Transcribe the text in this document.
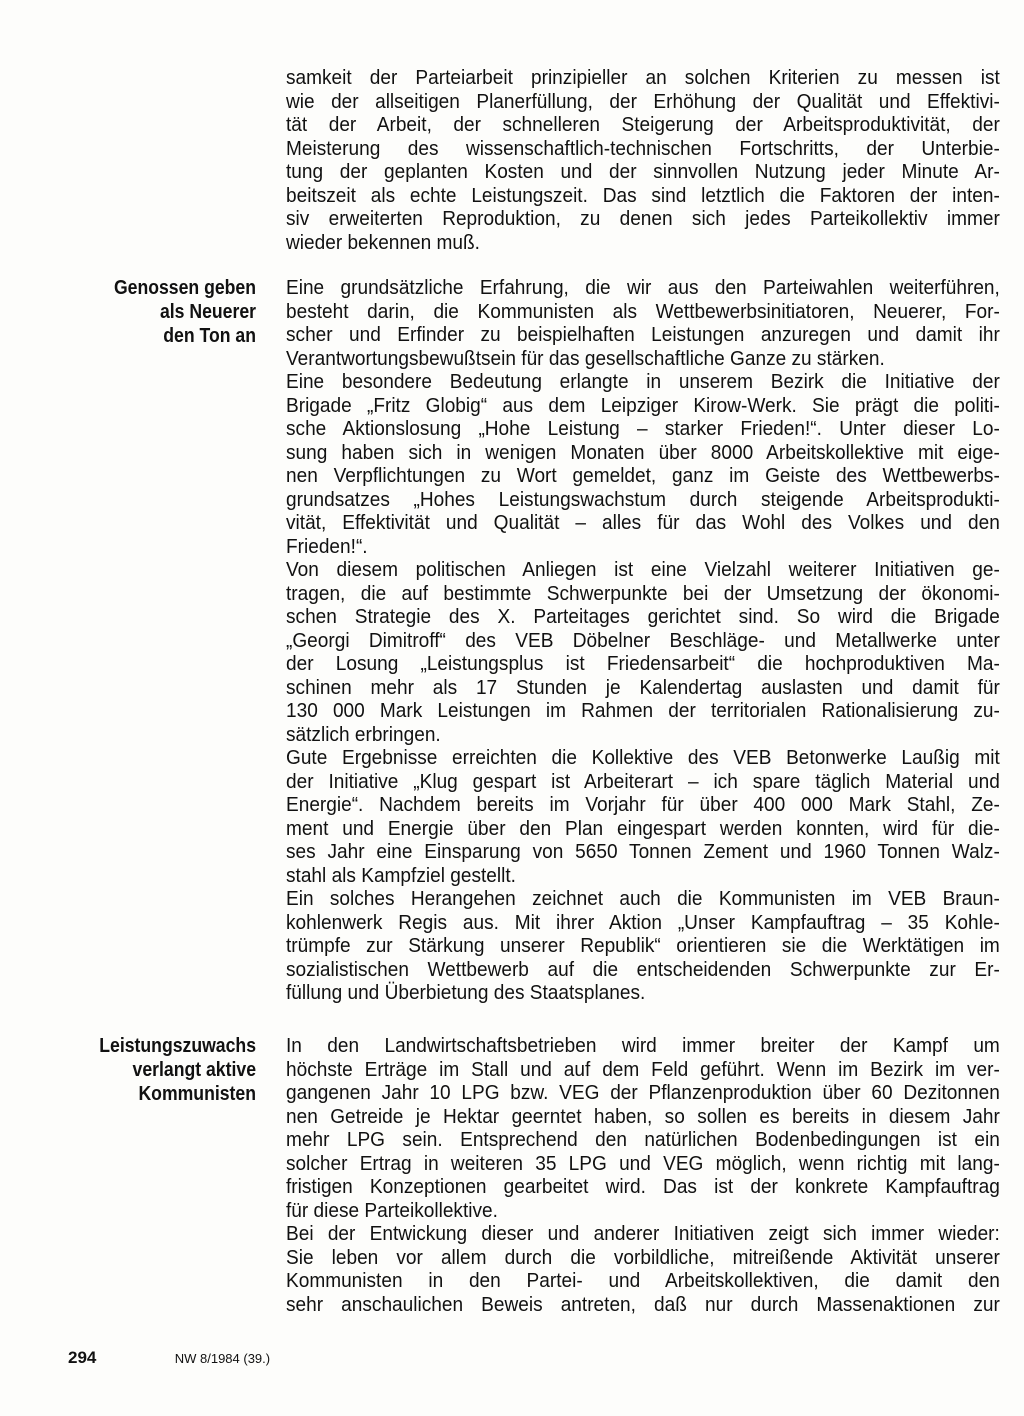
samkeit der Parteiarbeit prinzipieller an solchen Kriterien zu messen ist
wie der allseitigen Planerfüllung, der Erhöhung der Qualität und Effektivi-
tät der Arbeit, der schnelleren Steigerung der Arbeitsproduktivität, der
Meisterung des wissenschaftlich-technischen Fortschritts, der Unterbie-
tung der geplanten Kosten und der sinnvollen Nutzung jeder Minute Ar-
beitszeit als echte Leistungszeit. Das sind letztlich die Faktoren der inten-
siv erweiterten Reproduktion, zu denen sich jedes Parteikollektiv immer
wieder bekennen muß.
Genossen geben
als Neuerer
den Ton an
Eine grundsätzliche Erfahrung, die wir aus den Parteiwahlen weiterführen,
besteht darin, die Kommunisten als Wettbewerbsinitiatoren, Neuerer, For-
scher und Erfinder zu beispielhaften Leistungen anzuregen und damit ihr
Verantwortungsbewußtsein für das gesellschaftliche Ganze zu stärken.
Eine besondere Bedeutung erlangte in unserem Bezirk die Initiative der
Brigade „Fritz Globig“ aus dem Leipziger Kirow-Werk. Sie prägt die politi-
sche Aktionslosung „Hohe Leistung – starker Frieden!“. Unter dieser Lo-
sung haben sich in wenigen Monaten über 8000 Arbeitskollektive mit eige-
nen Verpflichtungen zu Wort gemeldet, ganz im Geiste des Wettbewerbs-
grundsatzes „Hohes Leistungswachstum durch steigende Arbeitsprodukti-
vität, Effektivität und Qualität – alles für das Wohl des Volkes und den
Frieden!“.
Von diesem politischen Anliegen ist eine Vielzahl weiterer Initiativen ge-
tragen, die auf bestimmte Schwerpunkte bei der Umsetzung der ökonomi-
schen Strategie des X. Parteitages gerichtet sind. So wird die Brigade
„Georgi Dimitroff“ des VEB Döbelner Beschläge- und Metallwerke unter
der Losung „Leistungsplus ist Friedensarbeit“ die hochproduktiven Ma-
schinen mehr als 17 Stunden je Kalendertag auslasten und damit für
130 000 Mark Leistungen im Rahmen der territorialen Rationalisierung zu-
sätzlich erbringen.
Gute Ergebnisse erreichten die Kollektive des VEB Betonwerke Laußig mit
der Initiative „Klug gespart ist Arbeiterart – ich spare täglich Material und
Energie“. Nachdem bereits im Vorjahr für über 400 000 Mark Stahl, Ze-
ment und Energie über den Plan eingespart werden konnten, wird für die-
ses Jahr eine Einsparung von 5650 Tonnen Zement und 1960 Tonnen Walz-
stahl als Kampfziel gestellt.
Ein solches Herangehen zeichnet auch die Kommunisten im VEB Braun-
kohlenwerk Regis aus. Mit ihrer Aktion „Unser Kampfauftrag – 35 Kohle-
trümpfe zur Stärkung unserer Republik“ orientieren sie die Werktätigen im
sozialistischen Wettbewerb auf die entscheidenden Schwerpunkte zur Er-
füllung und Überbietung des Staatsplanes.
Leistungszuwachs
verlangt aktive
Kommunisten
In den Landwirtschaftsbetrieben wird immer breiter der Kampf um
höchste Erträge im Stall und auf dem Feld geführt. Wenn im Bezirk im ver-
gangenen Jahr 10 LPG bzw. VEG der Pflanzenproduktion über 60 Dezitonnen
nen Getreide je Hektar geerntet haben, so sollen es bereits in diesem Jahr
mehr LPG sein. Entsprechend den natürlichen Bodenbedingungen ist ein
solcher Ertrag in weiteren 35 LPG und VEG möglich, wenn richtig mit lang-
fristigen Konzeptionen gearbeitet wird. Das ist der konkrete Kampfauftrag
für diese Parteikollektive.
Bei der Entwickung dieser und anderer Initiativen zeigt sich immer wieder:
Sie leben vor allem durch die vorbildliche, mitreißende Aktivität unserer
Kommunisten in den Partei- und Arbeitskollektiven, die damit den
sehr anschaulichen Beweis antreten, daß nur durch Massenaktionen zur
294	NW 8/1984 (39.)
